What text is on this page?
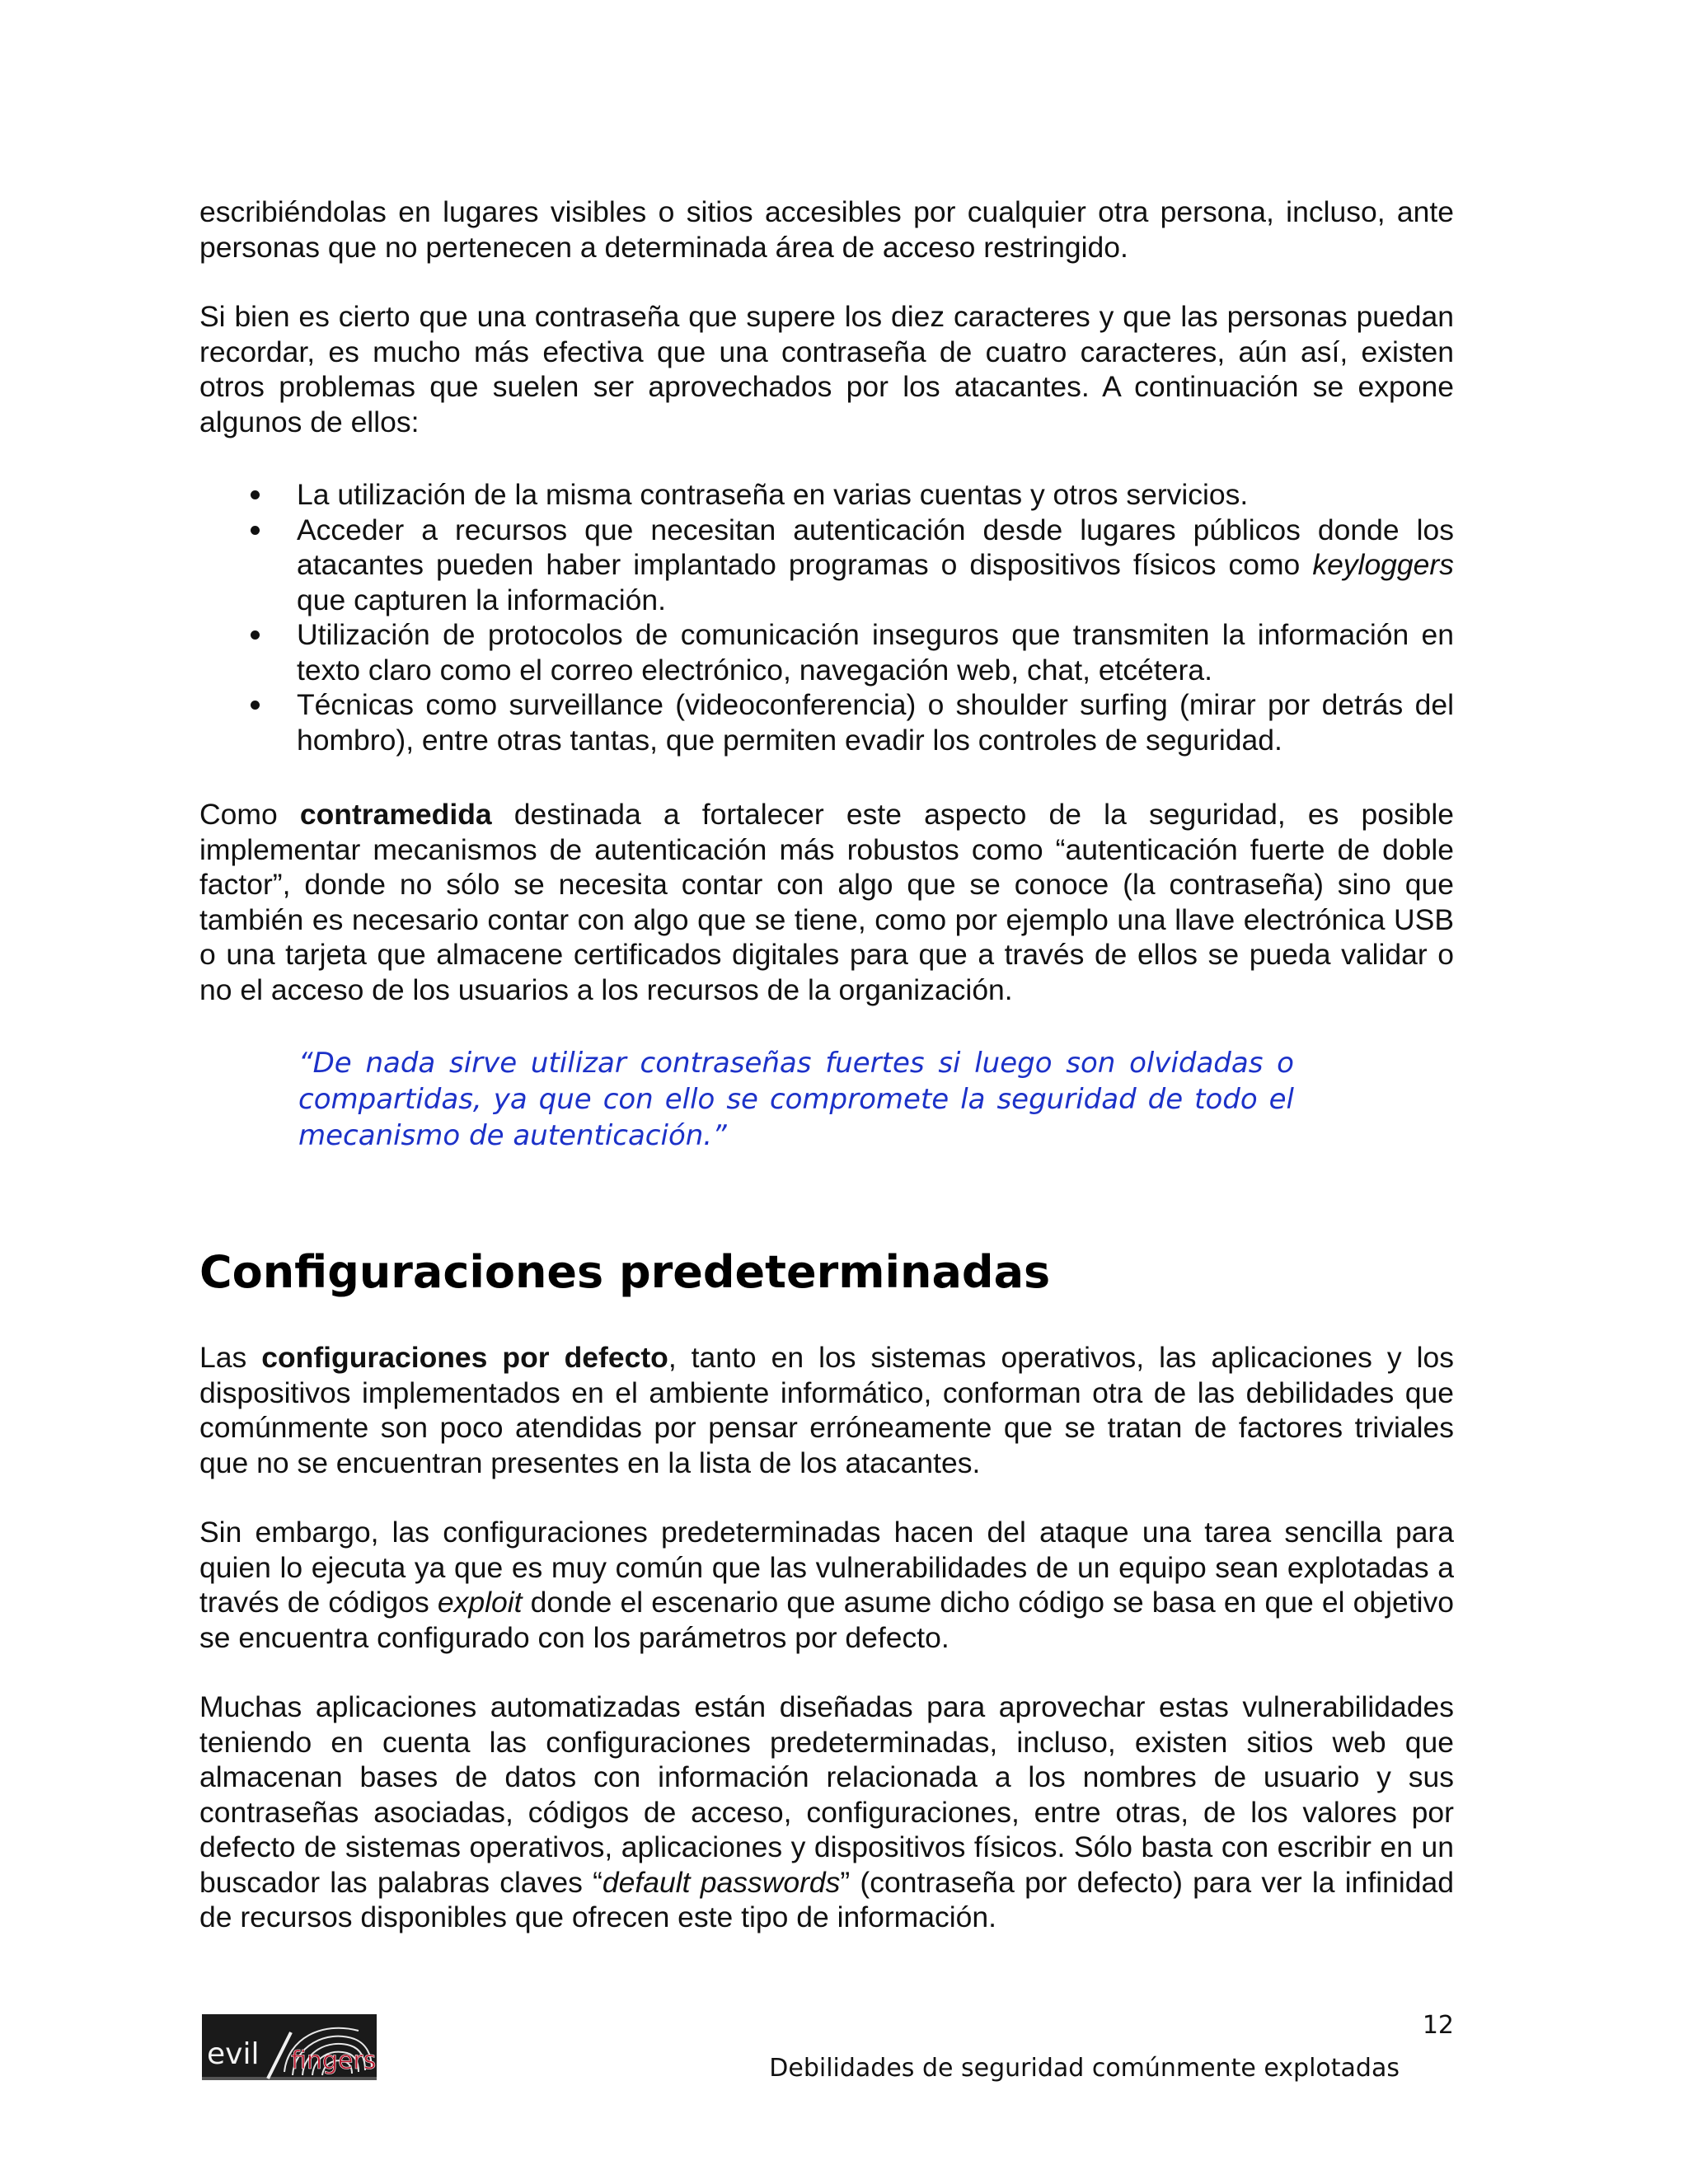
escribiéndolas en lugares visibles o sitios accesibles por cualquier otra persona, incluso, ante personas que no pertenecen a determinada área de acceso restringido.

Si bien es cierto que una contraseña que supere los diez caracteres y que las personas puedan recordar, es mucho más efectiva que una contraseña de cuatro caracteres, aún así, existen otros problemas que suelen ser aprovechados por los atacantes. A continuación se expone algunos de ellos:

La utilización de la misma contraseña en varias cuentas y otros servicios.
Acceder a recursos que necesitan autenticación desde lugares públicos donde los atacantes pueden haber implantado programas o dispositivos físicos como keyloggers que capturen la información.
Utilización de protocolos de comunicación inseguros que transmiten la información en texto claro como el correo electrónico, navegación web, chat, etcétera.
Técnicas como surveillance (videoconferencia) o shoulder surfing (mirar por detrás del hombro), entre otras tantas, que permiten evadir los controles de seguridad.

Como contramedida destinada a fortalecer este aspecto de la seguridad, es posible implementar mecanismos de autenticación más robustos como “autenticación fuerte de doble factor”, donde no sólo se necesita contar con algo que se conoce (la contraseña) sino que también es necesario contar con algo que se tiene, como por ejemplo una llave electrónica USB o una tarjeta que almacene certificados digitales para que a través de ellos se pueda validar o no el acceso de los usuarios a los recursos de la organización.

“De nada sirve utilizar contraseñas fuertes si luego son olvidadas o compartidas, ya que con ello se compromete la seguridad de todo el mecanismo de autenticación.”

Configuraciones predeterminadas

Las configuraciones por defecto, tanto en los sistemas operativos, las aplicaciones y los dispositivos implementados en el ambiente informático, conforman otra de las debilidades que comúnmente son poco atendidas por pensar erróneamente que se tratan de factores triviales que no se encuentran presentes en la lista de los atacantes.

Sin embargo, las configuraciones predeterminadas hacen del ataque una tarea sencilla para quien lo ejecuta ya que es muy común que las vulnerabilidades de un equipo sean explotadas a través de códigos exploit donde el escenario que asume dicho código se basa en que el objetivo se encuentra configurado con los parámetros por defecto.

Muchas aplicaciones automatizadas están diseñadas para aprovechar estas vulnerabilidades teniendo en cuenta las configuraciones predeterminadas, incluso, existen sitios web que almacenan bases de datos con información relacionada a los nombres de usuario y sus contraseñas asociadas, códigos de acceso, configuraciones, entre otras, de los valores por defecto de sistemas operativos, aplicaciones y dispositivos físicos. Sólo basta con escribir en un buscador las palabras claves “default passwords” (contraseña por defecto) para ver la infinidad de recursos disponibles que ofrecen este tipo de información.

evil fingers
12
Debilidades de seguridad comúnmente explotadas
